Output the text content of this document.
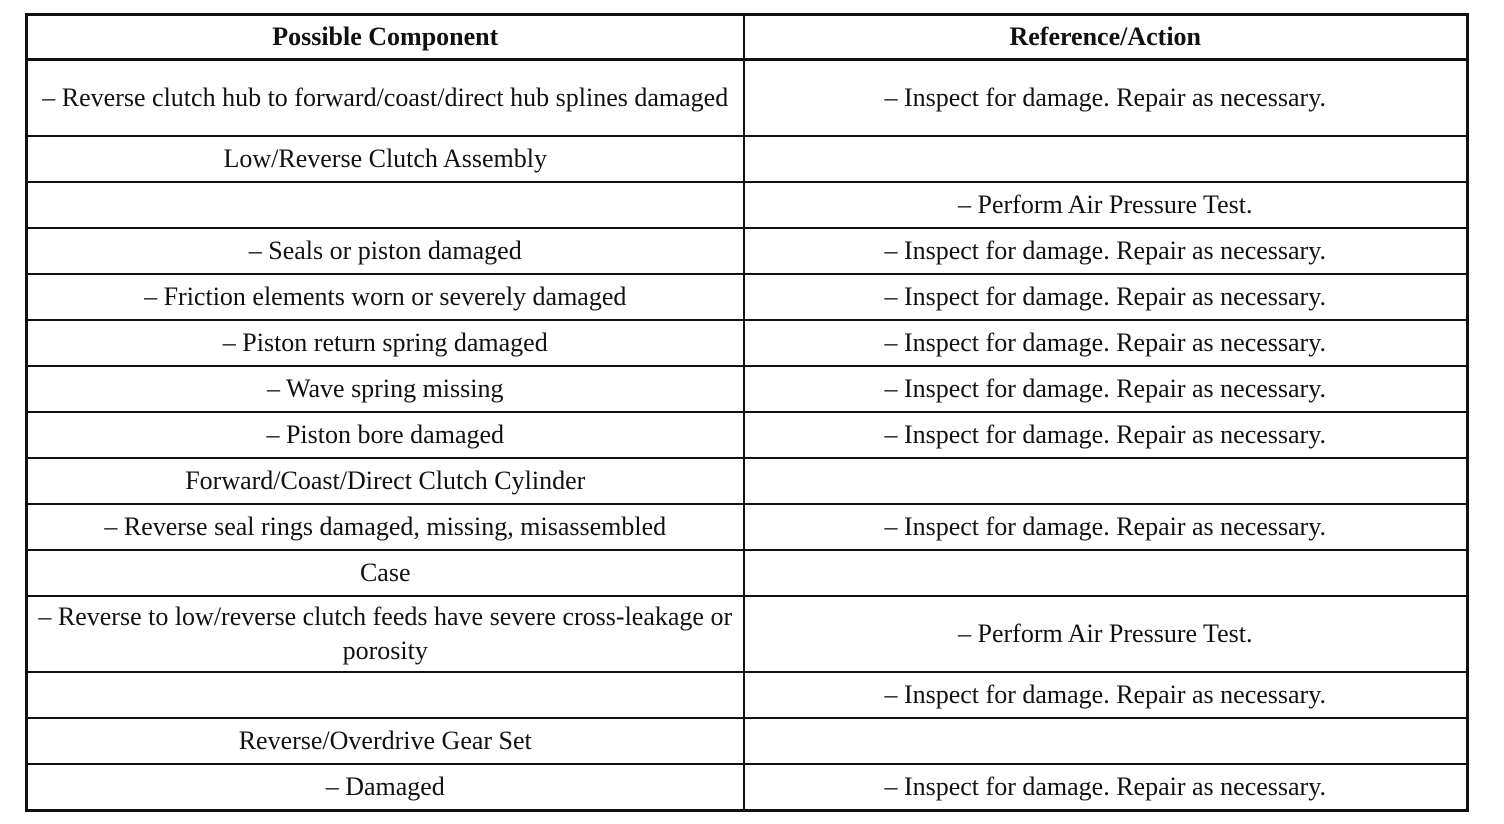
Possible Component	Reference/Action
– Reverse clutch hub to forward/coast/direct hub splines damaged	– Inspect for damage. Repair as necessary.
Low/Reverse Clutch Assembly	
	– Perform Air Pressure Test.
– Seals or piston damaged	– Inspect for damage. Repair as necessary.
– Friction elements worn or severely damaged	– Inspect for damage. Repair as necessary.
– Piston return spring damaged	– Inspect for damage. Repair as necessary.
– Wave spring missing	– Inspect for damage. Repair as necessary.
– Piston bore damaged	– Inspect for damage. Repair as necessary.
Forward/Coast/Direct Clutch Cylinder	
– Reverse seal rings damaged, missing, misassembled	– Inspect for damage. Repair as necessary.
Case	
– Reverse to low/reverse clutch feeds have severe cross-leakage or porosity	– Perform Air Pressure Test.
	– Inspect for damage. Repair as necessary.
Reverse/Overdrive Gear Set	
– Damaged	– Inspect for damage. Repair as necessary.
